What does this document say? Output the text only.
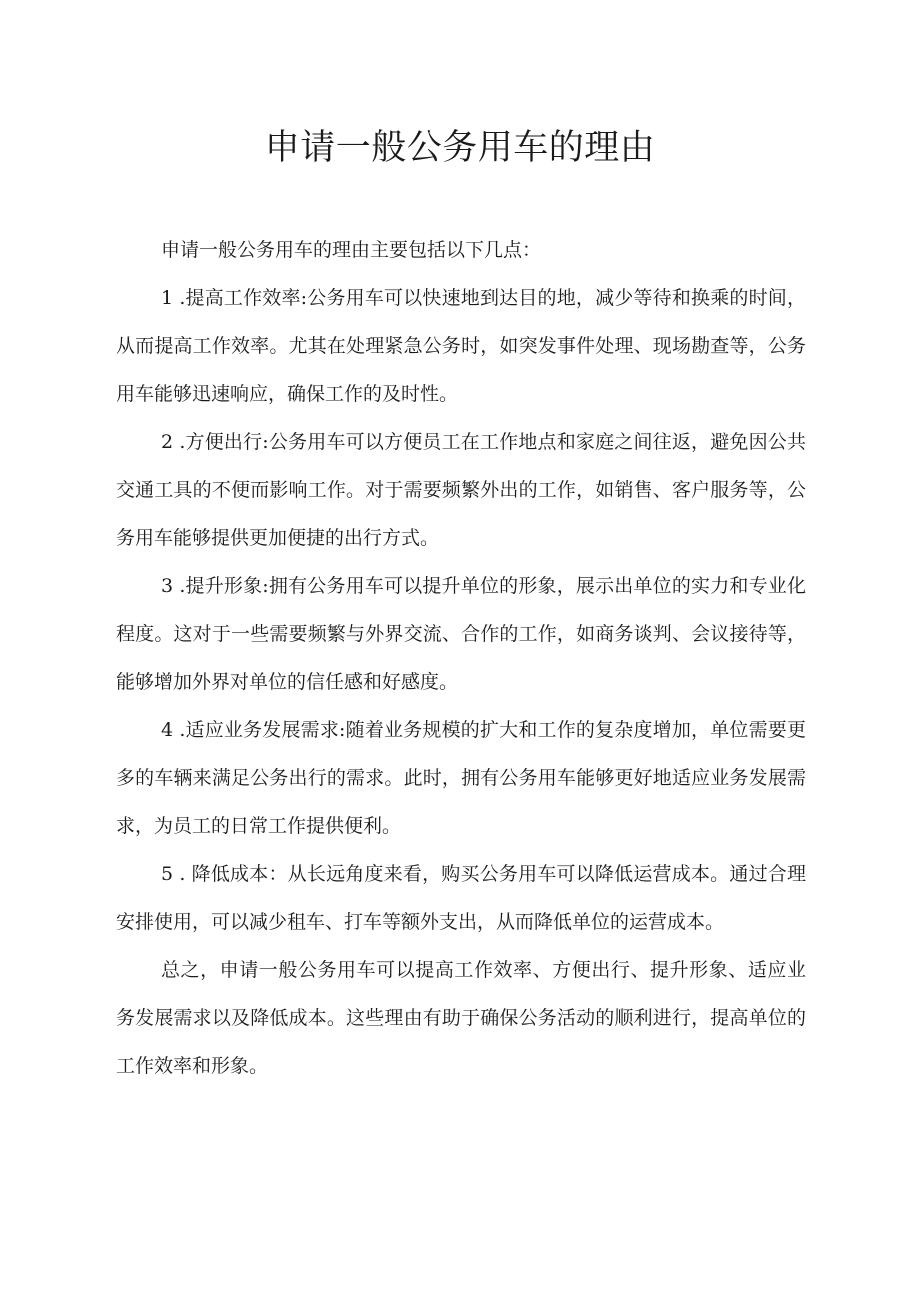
申请一般公务用车的理由

申请一般公务用车的理由主要包括以下几点：

1 .提高工作效率:公务用车可以快速地到达目的地，减少等待和换乘的时间，从而提高工作效率。尤其在处理紧急公务时，如突发事件处理、现场勘查等，公务用车能够迅速响应，确保工作的及时性。

2 .方便出行:公务用车可以方便员工在工作地点和家庭之间往返，避免因公共交通工具的不便而影响工作。对于需要频繁外出的工作，如销售、客户服务等，公务用车能够提供更加便捷的出行方式。

3 .提升形象:拥有公务用车可以提升单位的形象，展示出单位的实力和专业化程度。这对于一些需要频繁与外界交流、合作的工作，如商务谈判、会议接待等，能够增加外界对单位的信任感和好感度。

4 .适应业务发展需求:随着业务规模的扩大和工作的复杂度增加，单位需要更多的车辆来满足公务出行的需求。此时，拥有公务用车能够更好地适应业务发展需求，为员工的日常工作提供便利。

5 . 降低成本：从长远角度来看，购买公务用车可以降低运营成本。通过合理安排使用，可以减少租车、打车等额外支出，从而降低单位的运营成本。

总之，申请一般公务用车可以提高工作效率、方便出行、提升形象、适应业务发展需求以及降低成本。这些理由有助于确保公务活动的顺利进行，提高单位的工作效率和形象。
